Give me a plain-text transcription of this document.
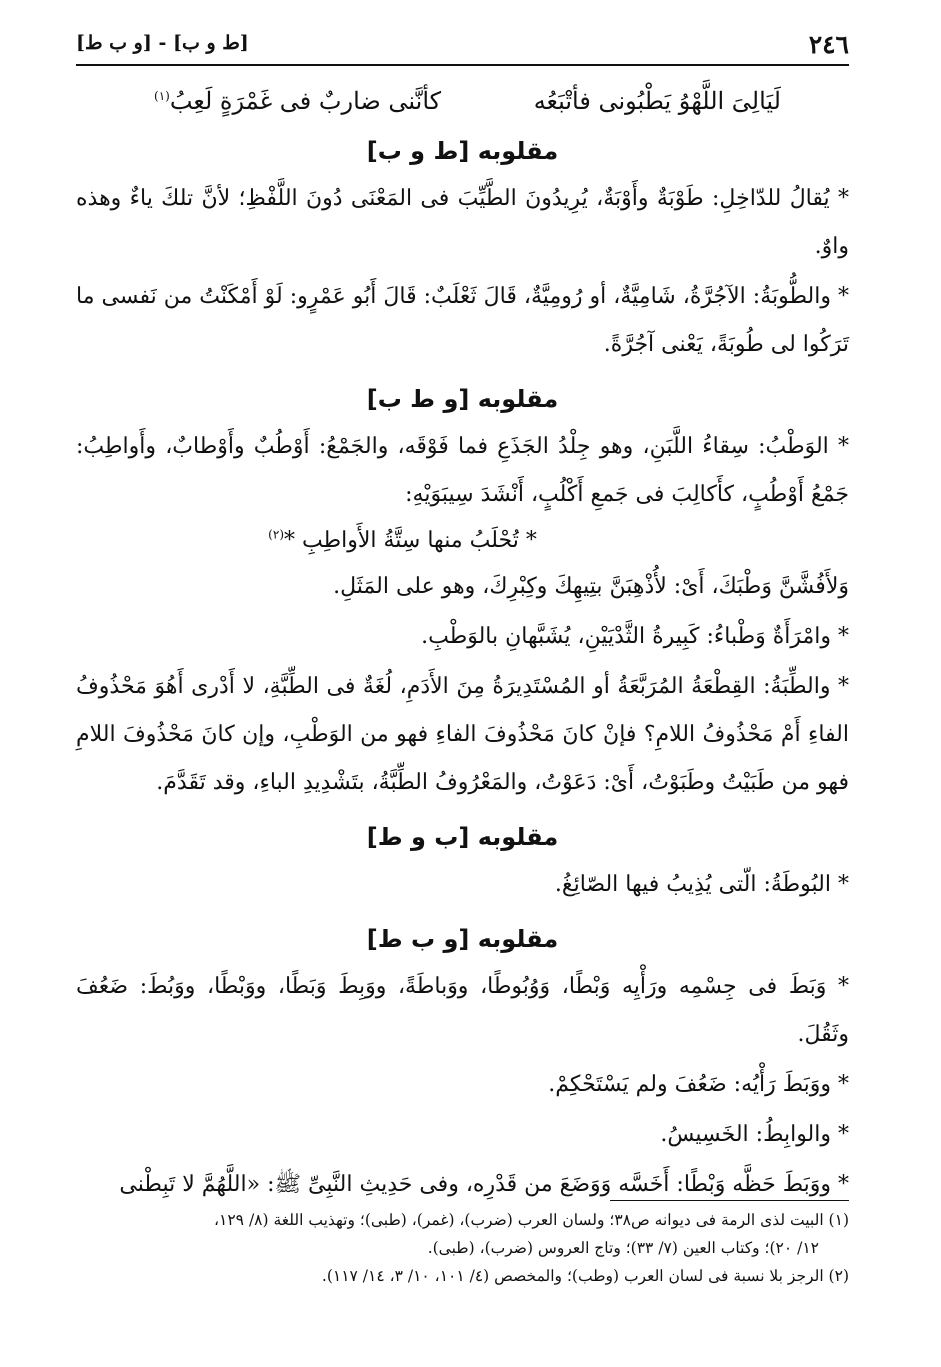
٢٤٦
[ط و ب] - [و ب ط]
لَيَالِىَ اللَّهْوُ يَطْبُونى فأتْبَعُه
كأنَّنى ضاربٌ فى غَمْرَةٍ لَعِبُ$^{(١)}$
مقلوبه [ط و ب]

* يُقالُ للدّاخِلِ: طَوْبَةٌ وأَوْبَةٌ، يُرِيدُونَ الطَّيِّبَ فى المَعْنَى دُونَ اللَّفْظِ؛ لأنَّ تلكَ ياءٌ وهذه واوٌ.

* والطُّوبَةُ: الآجُرَّةُ، شَامِيَّةٌ، أو رُومِيَّةٌ، قَالَ ثَعْلَبٌ: قَالَ أَبُو عَمْرٍو: لَوْ أَمْكَنْتُ من نَفسى ما تَرَكُوا لى طُوبَةً، يَعْنى آجُرَّةً.

مقلوبه [و ط ب]

* الوَطْبُ: سِقاءُ اللَّبَنِ، وهو جِلْدُ الجَذَعِ فما فَوْقَه، والجَمْعُ: أَوْطُبٌ وأَوْطابٌ، وأَواطِبُ: جَمْعُ أَوْطُبٍ، كأَكالِبَ فى جَمعِ أَكْلُبٍ، أَنْشَدَ سِيبَوَيْهِ:

* تُحْلَبُ منها سِتَّةُ الأَواطِبِ *$^{(٢)}$

وَلأَفُشَّنَّ وَطْبَكَ، أَىْ: لأُذْهِبَنَّ بتِيهِكَ وكِبْرِكَ، وهو على المَثَلِ.

* وامْرَأَةٌ وَطْباءُ: كَبِيرةُ الثَّدْيَيْنِ، يُشَبَّهانِ بالوَطْبِ.

* والطِّبَةُ: القِطْعَةُ المُرَبَّعَةُ أو المُسْتَدِيرَةُ مِنَ الأَدَمِ، لُغَةٌ فى الطِّبَّةِ، لا أَدْرى أَهُوَ مَحْذُوفُ الفاءِ أَمْ مَحْذُوفُ اللامِ؟ فإنْ كانَ مَحْذُوفَ الفاءِ فهو من الوَطْبِ، وإن كانَ مَحْذُوفَ اللامِ فهو من طَبَيْتُ وطَبَوْتُ، أَىْ: دَعَوْتُ، والمَعْرُوفُ الطِّبَّةُ، بتَشْدِيدِ الباءِ، وقد تَقَدَّمَ.

مقلوبه [ب و ط]

* البُوطَةُ: الّتى يُذِيبُ فيها الصّائِغُ.

مقلوبه [و ب ط]

* وَبَطَ فى جِسْمِه ورَأْيِه وَبْطًا، وَوُبُوطًا، ووَباطَةً، ووَبِطَ وَبَطًا، ووَبْطًا، ووَبُطَ: ضَعُفَ وثَقُلَ.

* ووَبَطَ رَأْيُه: ضَعُفَ ولم يَسْتَحْكِمْ.

* والوابِطُ: الخَسِيسُ.

* ووَبَطَ حَظَّه وَبْطًا: أَخَسَّه وَوَضَعَ من قَدْرِه، وفى حَدِيثِ النَّبِىِّ ﷺ: «اللَّهُمَّ لا تَبِطْنى

(١) البيت لذى الرمة فى ديوانه ص٣٨؛ ولسان العرب (ضرب)، (غمر)، (طبى)؛ وتهذيب اللغة (٨/ ١٢٩،

١٢/ ٢٠)؛ وكتاب العين (٧/ ٣٣)؛ وتاج العروس (ضرب)، (طبى).

(٢) الرجز بلا نسبة فى لسان العرب (وطب)؛ والمخصص (٤/ ١٠١، ١٠/ ٣، ١٤/ ١١٧).
